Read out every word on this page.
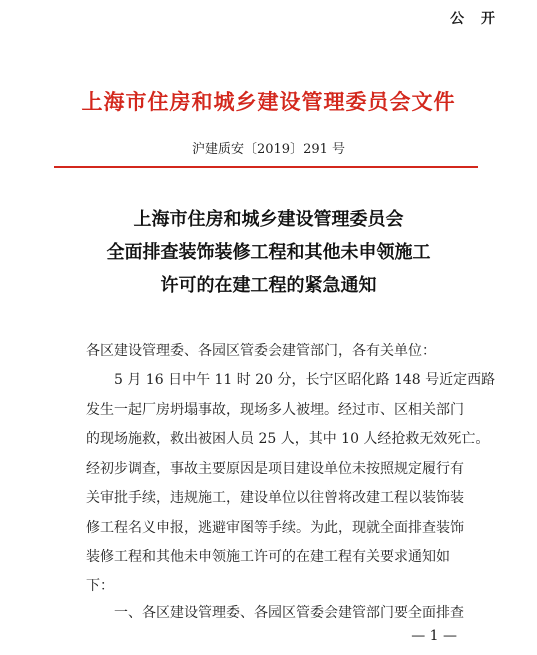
公 开
上海市住房和城乡建设管理委员会文件
沪建质安〔2019〕291 号
上海市住房和城乡建设管理委员会
全面排查装饰装修工程和其他未申领施工
许可的在建工程的紧急通知
各区建设管理委、各园区管委会建管部门，各有关单位：
5 月 16 日中午 11 时 20 分，长宁区昭化路 148 号近定西路
发生一起厂房坍塌事故，现场多人被埋。经过市、区相关部门
的现场施救，救出被困人员 25 人，其中 10 人经抢救无效死亡。
经初步调查，事故主要原因是项目建设单位未按照规定履行有
关审批手续，违规施工，建设单位以往曾将改建工程以装饰装
修工程名义申报，逃避审图等手续。为此，现就全面排查装饰
装修工程和其他未申领施工许可的在建工程有关要求通知如
下：
一、各区建设管理委、各园区管委会建管部门要全面排查
— 1 —
